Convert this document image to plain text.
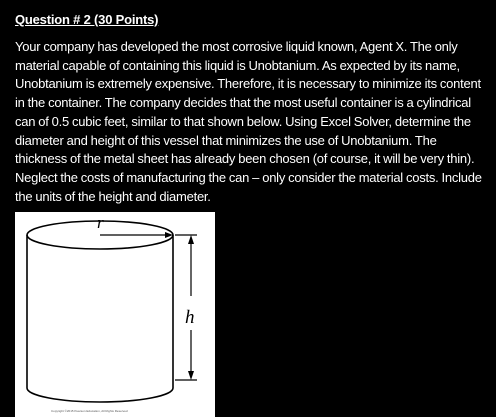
Question # 2 (30 Points)
Your company has developed the most corrosive liquid known, Agent X. The only material capable of containing this liquid is Unobtanium. As expected by its name, Unobtanium is extremely expensive. Therefore, it is necessary to minimize its content in the container. The company decides that the most useful container is a cylindrical can of 0.5 cubic feet, similar to that shown below. Using Excel Solver, determine the diameter and height of this vessel that minimizes the use of Unobtanium. The thickness of the metal sheet has already been chosen (of course, it will be very thin). Neglect the costs of manufacturing the can – only consider the material costs. Include the units of the height and diameter.
r
h
Copyright ©2015 Pearson Education, All Rights Reserved
